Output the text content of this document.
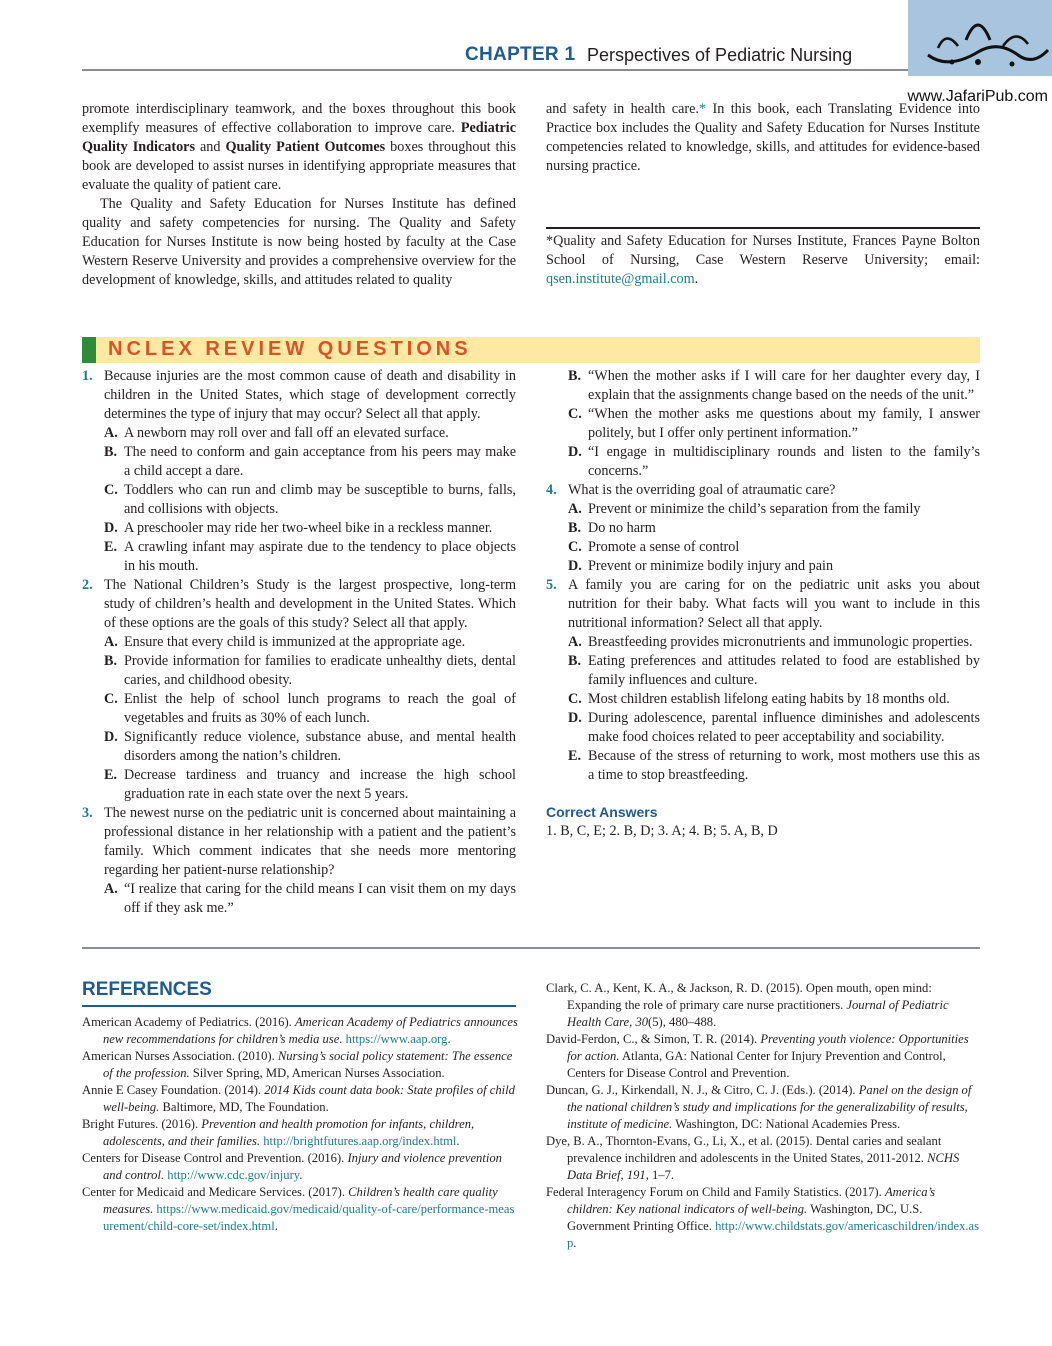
CHAPTER 1 Perspectives of Pediatric Nursing
www.JafariPub.com

promote interdisciplinary teamwork, and the boxes throughout this book exemplify measures of effective collaboration to improve care. Pediatric Quality Indicators and Quality Patient Outcomes boxes throughout this book are developed to assist nurses in identifying appropriate measures that evaluate the quality of patient care.

The Quality and Safety Education for Nurses Institute has defined quality and safety competencies for nursing. The Quality and Safety Education for Nurses Institute is now being hosted by faculty at the Case Western Reserve University and provides a comprehensive overview for the development of knowledge, skills, and attitudes related to quality

and safety in health care.* In this book, each Translating Evidence into Practice box includes the Quality and Safety Education for Nurses Institute competencies related to knowledge, skills, and attitudes for evidence-based nursing practice.

*Quality and Safety Education for Nurses Institute, Frances Payne Bolton School of Nursing, Case Western Reserve University; email: qsen.institute@gmail.com.

NCLEX REVIEW QUESTIONS
1. Because injuries are the most common cause of death and disability in children in the United States, which stage of development correctly determines the type of injury that may occur? Select all that apply.
A. A newborn may roll over and fall off an elevated surface.
B. The need to conform and gain acceptance from his peers may make a child accept a dare.
C. Toddlers who can run and climb may be susceptible to burns, falls, and collisions with objects.
D. A preschooler may ride her two-wheel bike in a reckless manner.
E. A crawling infant may aspirate due to the tendency to place objects in his mouth.
2. The National Children’s Study is the largest prospective, long-term study of children’s health and development in the United States. Which of these options are the goals of this study? Select all that apply.
A. Ensure that every child is immunized at the appropriate age.
B. Provide information for families to eradicate unhealthy diets, dental caries, and childhood obesity.
C. Enlist the help of school lunch programs to reach the goal of vegetables and fruits as 30% of each lunch.
D. Significantly reduce violence, substance abuse, and mental health disorders among the nation’s children.
E. Decrease tardiness and truancy and increase the high school graduation rate in each state over the next 5 years.
3. The newest nurse on the pediatric unit is concerned about maintaining a professional distance in her relationship with a patient and the patient’s family. Which comment indicates that she needs more mentoring regarding her patient-nurse relationship?
A. “I realize that caring for the child means I can visit them on my days off if they ask me.”
B. “When the mother asks if I will care for her daughter every day, I explain that the assignments change based on the needs of the unit.”
C. “When the mother asks me questions about my family, I answer politely, but I offer only pertinent information.”
D. “I engage in multidisciplinary rounds and listen to the family’s concerns.”
4. What is the overriding goal of atraumatic care?
A. Prevent or minimize the child’s separation from the family
B. Do no harm
C. Promote a sense of control
D. Prevent or minimize bodily injury and pain
5. A family you are caring for on the pediatric unit asks you about nutrition for their baby. What facts will you want to include in this nutritional information? Select all that apply.
A. Breastfeeding provides micronutrients and immunologic properties.
B. Eating preferences and attitudes related to food are established by family influences and culture.
C. Most children establish lifelong eating habits by 18 months old.
D. During adolescence, parental influence diminishes and adolescents make food choices related to peer acceptability and sociability.
E. Because of the stress of returning to work, most mothers use this as a time to stop breastfeeding.
Correct Answers
1. B, C, E; 2. B, D; 3. A; 4. B; 5. A, B, D
REFERENCES

American Academy of Pediatrics. (2016). American Academy of Pediatrics announces new recommendations for children’s media use. https://www.aap.org.

American Nurses Association. (2010). Nursing’s social policy statement: The essence of the profession. Silver Spring, MD, American Nurses Association.

Annie E Casey Foundation. (2014). 2014 Kids count data book: State profiles of child well-being. Baltimore, MD, The Foundation.

Bright Futures. (2016). Prevention and health promotion for infants, children, adolescents, and their families. http://brightfutures.aap.org/index.html.

Centers for Disease Control and Prevention. (2016). Injury and violence prevention and control. http://www.cdc.gov/injury.

Center for Medicaid and Medicare Services. (2017). Children’s health care quality measures. https://www.medicaid.gov/medicaid/quality-of-care/performance-measurement/child-core-set/index.html.

Clark, C. A., Kent, K. A., & Jackson, R. D. (2015). Open mouth, open mind: Expanding the role of primary care nurse practitioners. Journal of Pediatric Health Care, 30(5), 480–488.

David-Ferdon, C., & Simon, T. R. (2014). Preventing youth violence: Opportunities for action. Atlanta, GA: National Center for Injury Prevention and Control, Centers for Disease Control and Prevention.

Duncan, G. J., Kirkendall, N. J., & Citro, C. J. (Eds.). (2014). Panel on the design of the national children’s study and implications for the generalizability of results, institute of medicine. Washington, DC: National Academies Press.

Dye, B. A., Thornton-Evans, G., Li, X., et al. (2015). Dental caries and sealant prevalence inchildren and adolescents in the United States, 2011-2012. NCHS Data Brief, 191, 1–7.

Federal Interagency Forum on Child and Family Statistics. (2017). America’s children: Key national indicators of well-being. Washington, DC, U.S. Government Printing Office. http://www.childstats.gov/americaschildren/index.asp.
